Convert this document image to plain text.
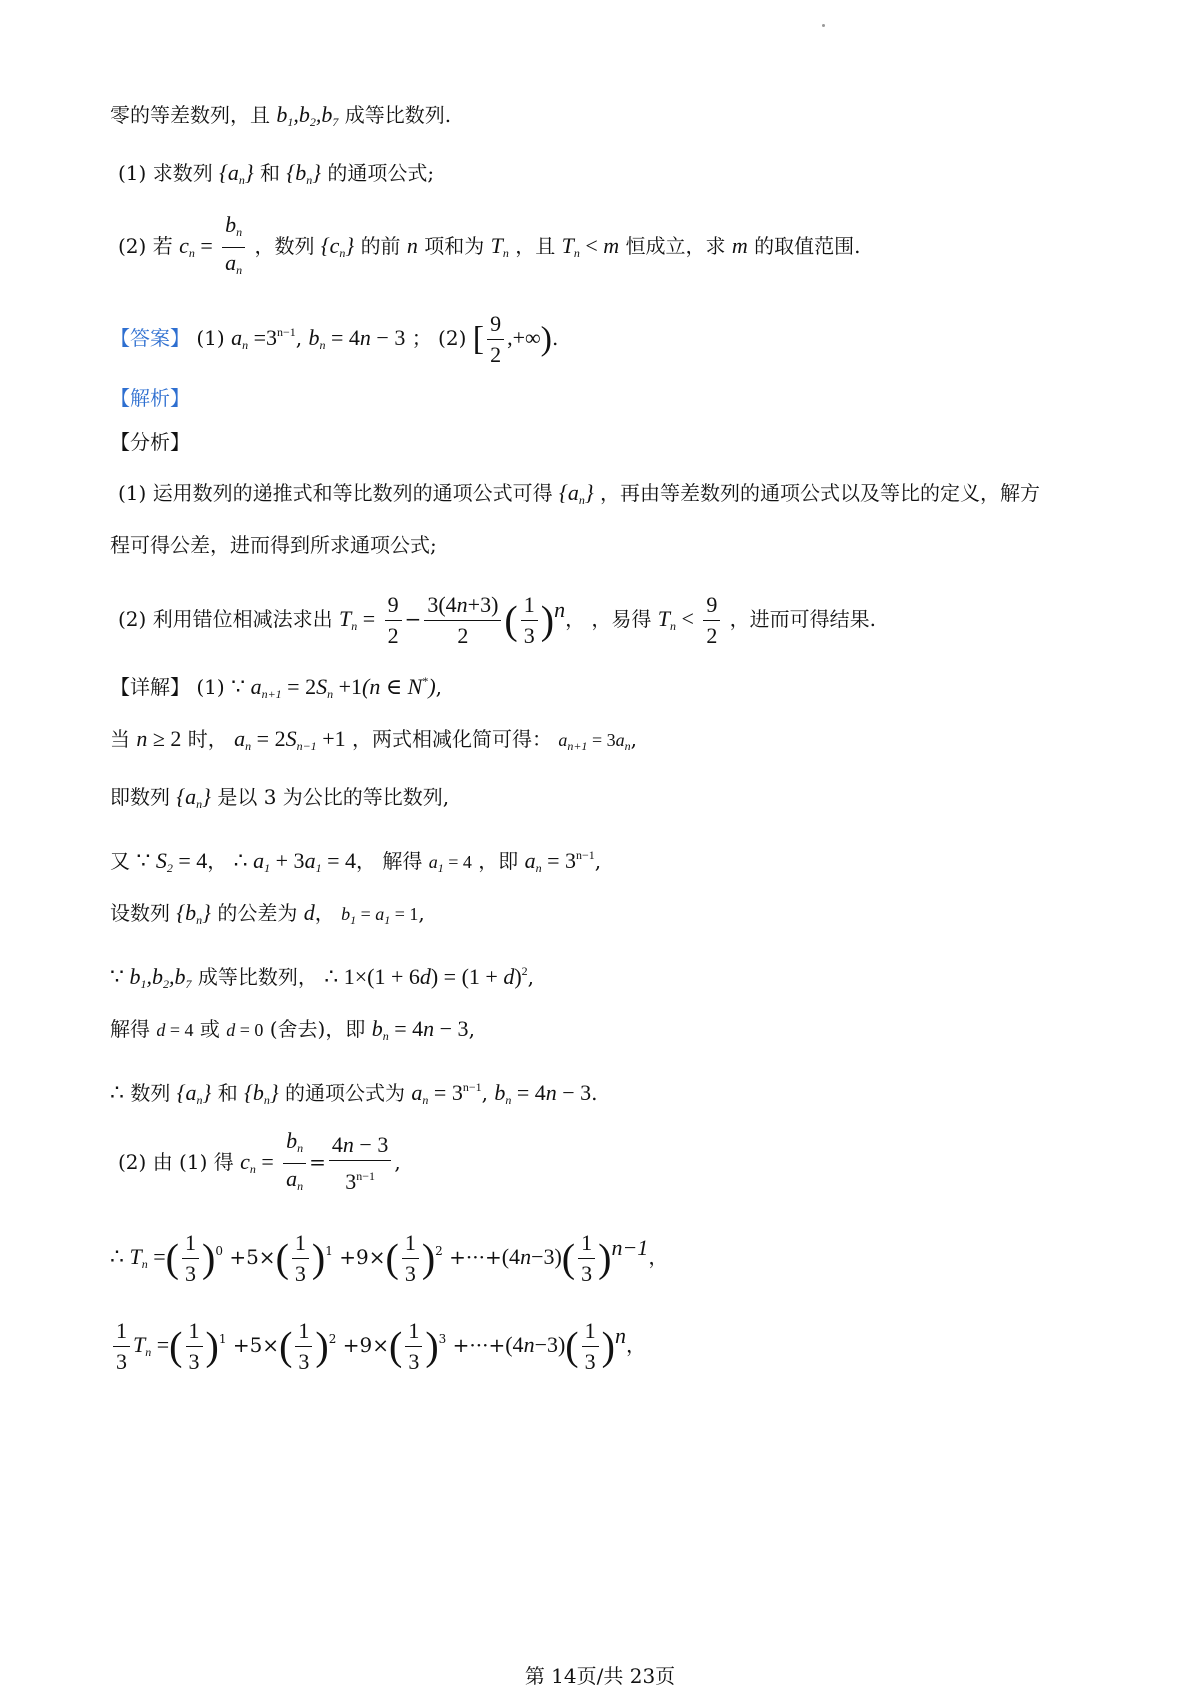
零的等差数列，且 $b_1,b_2,b_7$ 成等比数列.
(1) 求数列 $\{a_n\}$ 和 $\{b_n\}$ 的通项公式;
(2) 若 $c_n = \frac{b_n}{a_n}$ ，数列 $\{c_n\}$ 的前 n 项和为 $T_n$ ，且 $T_n < m$ 恒成立，求 m 的取值范围.
【答案】 (1) $a_n =3^{n-1}$, $b_n = 4n - 3$ ； (2) [ $\frac{9}{2}$ ,+∞).
【解析】
【分析】
(1) 运用数列的递推式和等比数列的通项公式可得 $\{a_n\}$ ，再由等差数列的通项公式以及等比的定义，解方
程可得公差，进而得到所求通项公式;
(2) 利用错位相减法求出 $T_n = \frac{9}{2} - \frac{3(4n+3)}{2}$ ( $\frac{1}{3} )^n$， ，易得 $T_n < \frac{9}{2}$ ，进而可得结果.
【详解】 (1) ∵ $a_{n+1} = 2S_n +1(n$ ∈ N*),
当 n ≥ 2 时， $a_n = 2S_{n-1} +1$ ，两式相减化简可得： $a_{n+1} = 3a_n$,
即数列 $\{a_n\}$ 是以 3 为公比的等比数列,
又 ∵ $S_2 = 4$， ∴ $a_1 + 3a_1 = 4$， 解得 $a_1 = 4$ ，即 $a_n = 3^{n-1}$,
设数列 $\{b_n\}$ 的公差为 d， $b_1 = a_1 = 1$,
∵ $b_1,b_2,b_7$ 成等比数列， ∴ $1\times(1 + 6d) = (1 + d)^2$,
解得 d = 4 或 d = 0 (舍去)，即 $b_n = 4n - 3$,
∴ 数列 $\{a_n\}$ 和 $\{b_n\}$ 的通项公式为 $a_n = 3^{n-1}$, $b_n = 4n - 3$.
(2) 由 (1) 得 $c_n = \frac{b_n}{a_n} = \frac{4n - 3}{3^{n-1}}$ ,
∴ $T_n$ =( $\frac{1}{3} )^0 +5\times( \frac{1}{3} )^1 +9\times( \frac{1}{3} )^2 +\cdot\cdot\cdot+(4n-3)( \frac{1}{3} )^{n-1}$，
$\frac{1}{3} T_n$ =( $\frac{1}{3} )^1 +5\times( \frac{1}{3} )^2 +9\times( \frac{1}{3} )^3 +\cdot\cdot\cdot+(4n-3)( \frac{1}{3} )^n$，
第 14页/共 23页
